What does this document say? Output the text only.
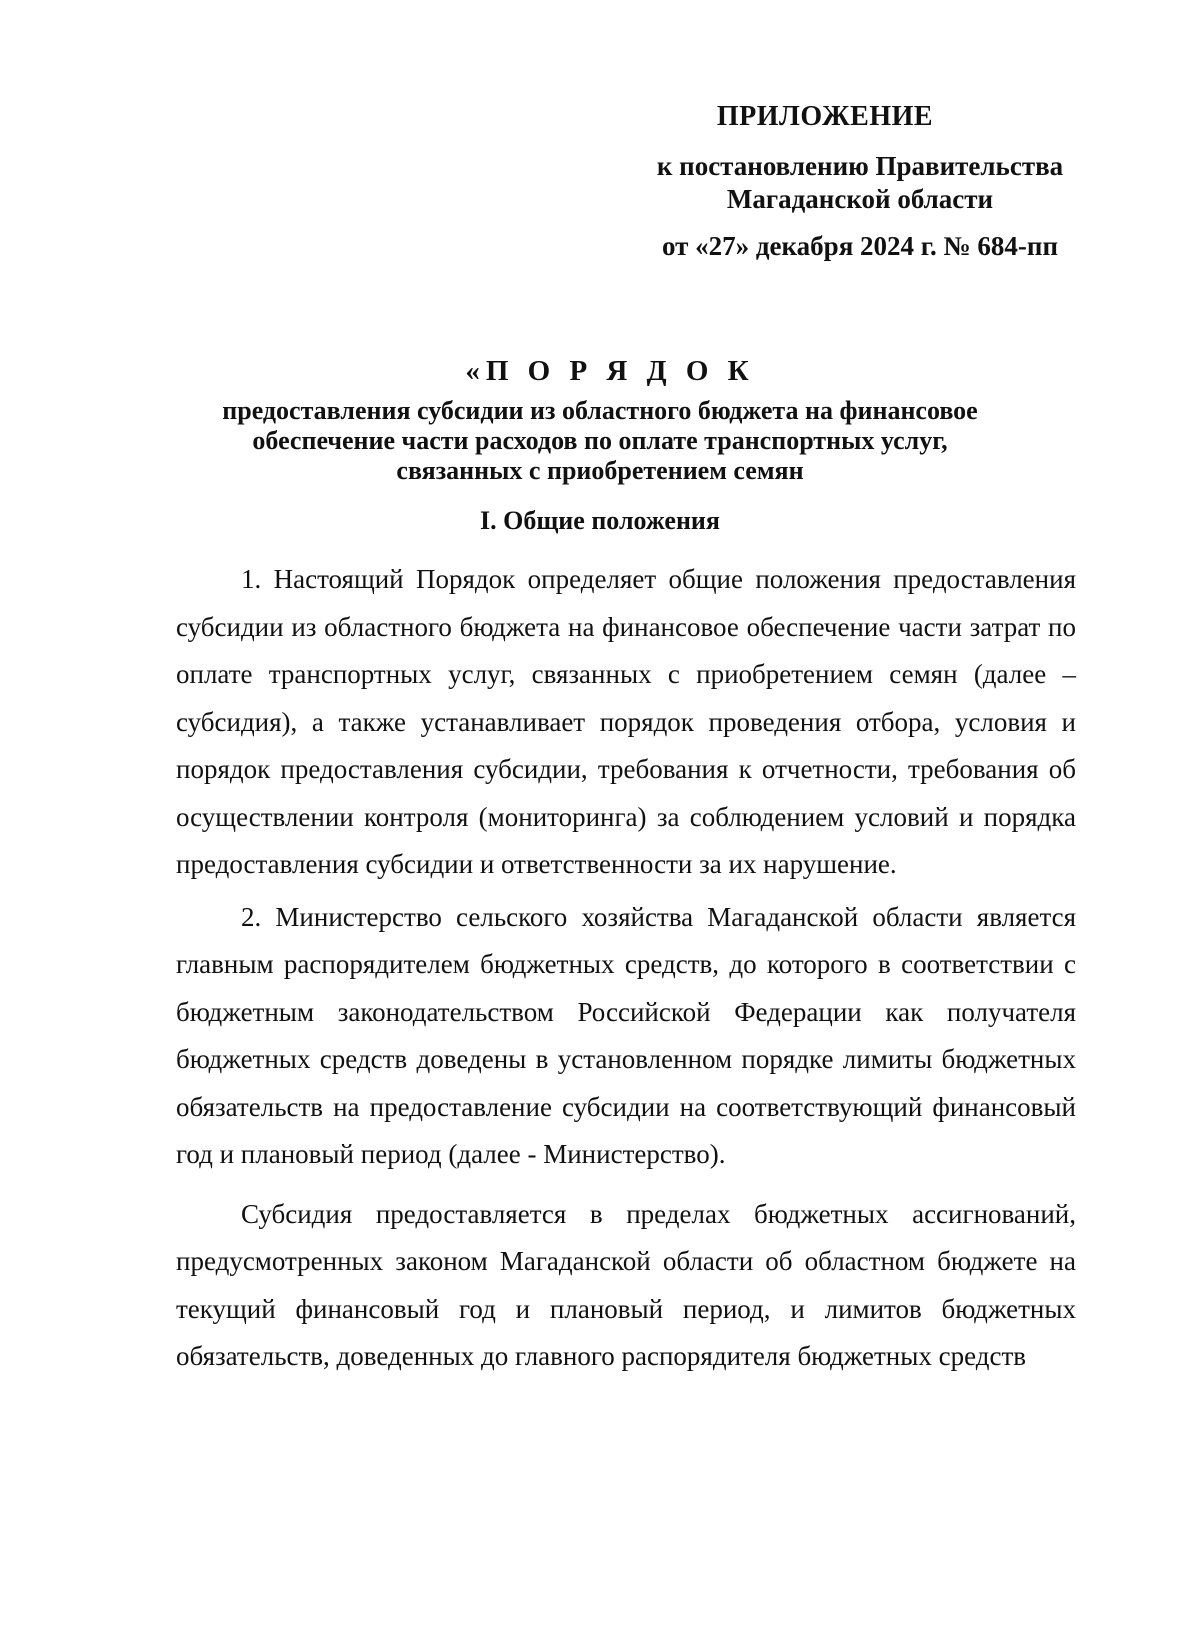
ПРИЛОЖЕНИЕ
к постановлению Правительства
Магаданской области
от «27» декабря 2024 г. № 684-пп
«П О Р Я Д О К
предоставления субсидии из областного бюджета на финансовое
обеспечение части расходов по оплате транспортных услуг,
связанных с приобретением семян
I. Общие положения

1. Настоящий Порядок определяет общие положения предоставления субсидии из областного бюджета на финансовое обеспечение части затрат по оплате транспортных услуг, связанных с приобретением семян (далее – субсидия), а также устанавливает порядок проведения отбора, условия и порядок предоставления субсидии, требования к отчетности, требования об осуществлении контроля (мониторинга) за соблюдением условий и порядка предоставления субсидии и ответственности за их нарушение.

2. Министерство сельского хозяйства Магаданской области является главным распорядителем бюджетных средств, до которого в соответствии с бюджетным законодательством Российской Федерации как получателя бюджетных средств доведены в установленном порядке лимиты бюджетных обязательств на предоставление субсидии на соответствующий финансовый год и плановый период (далее - Министерство).

Субсидия предоставляется в пределах бюджетных ассигнований, предусмотренных законом Магаданской области об областном бюджете на текущий финансовый год и плановый период, и лимитов бюджетных обязательств, доведенных до главного распорядителя бюджетных средств
